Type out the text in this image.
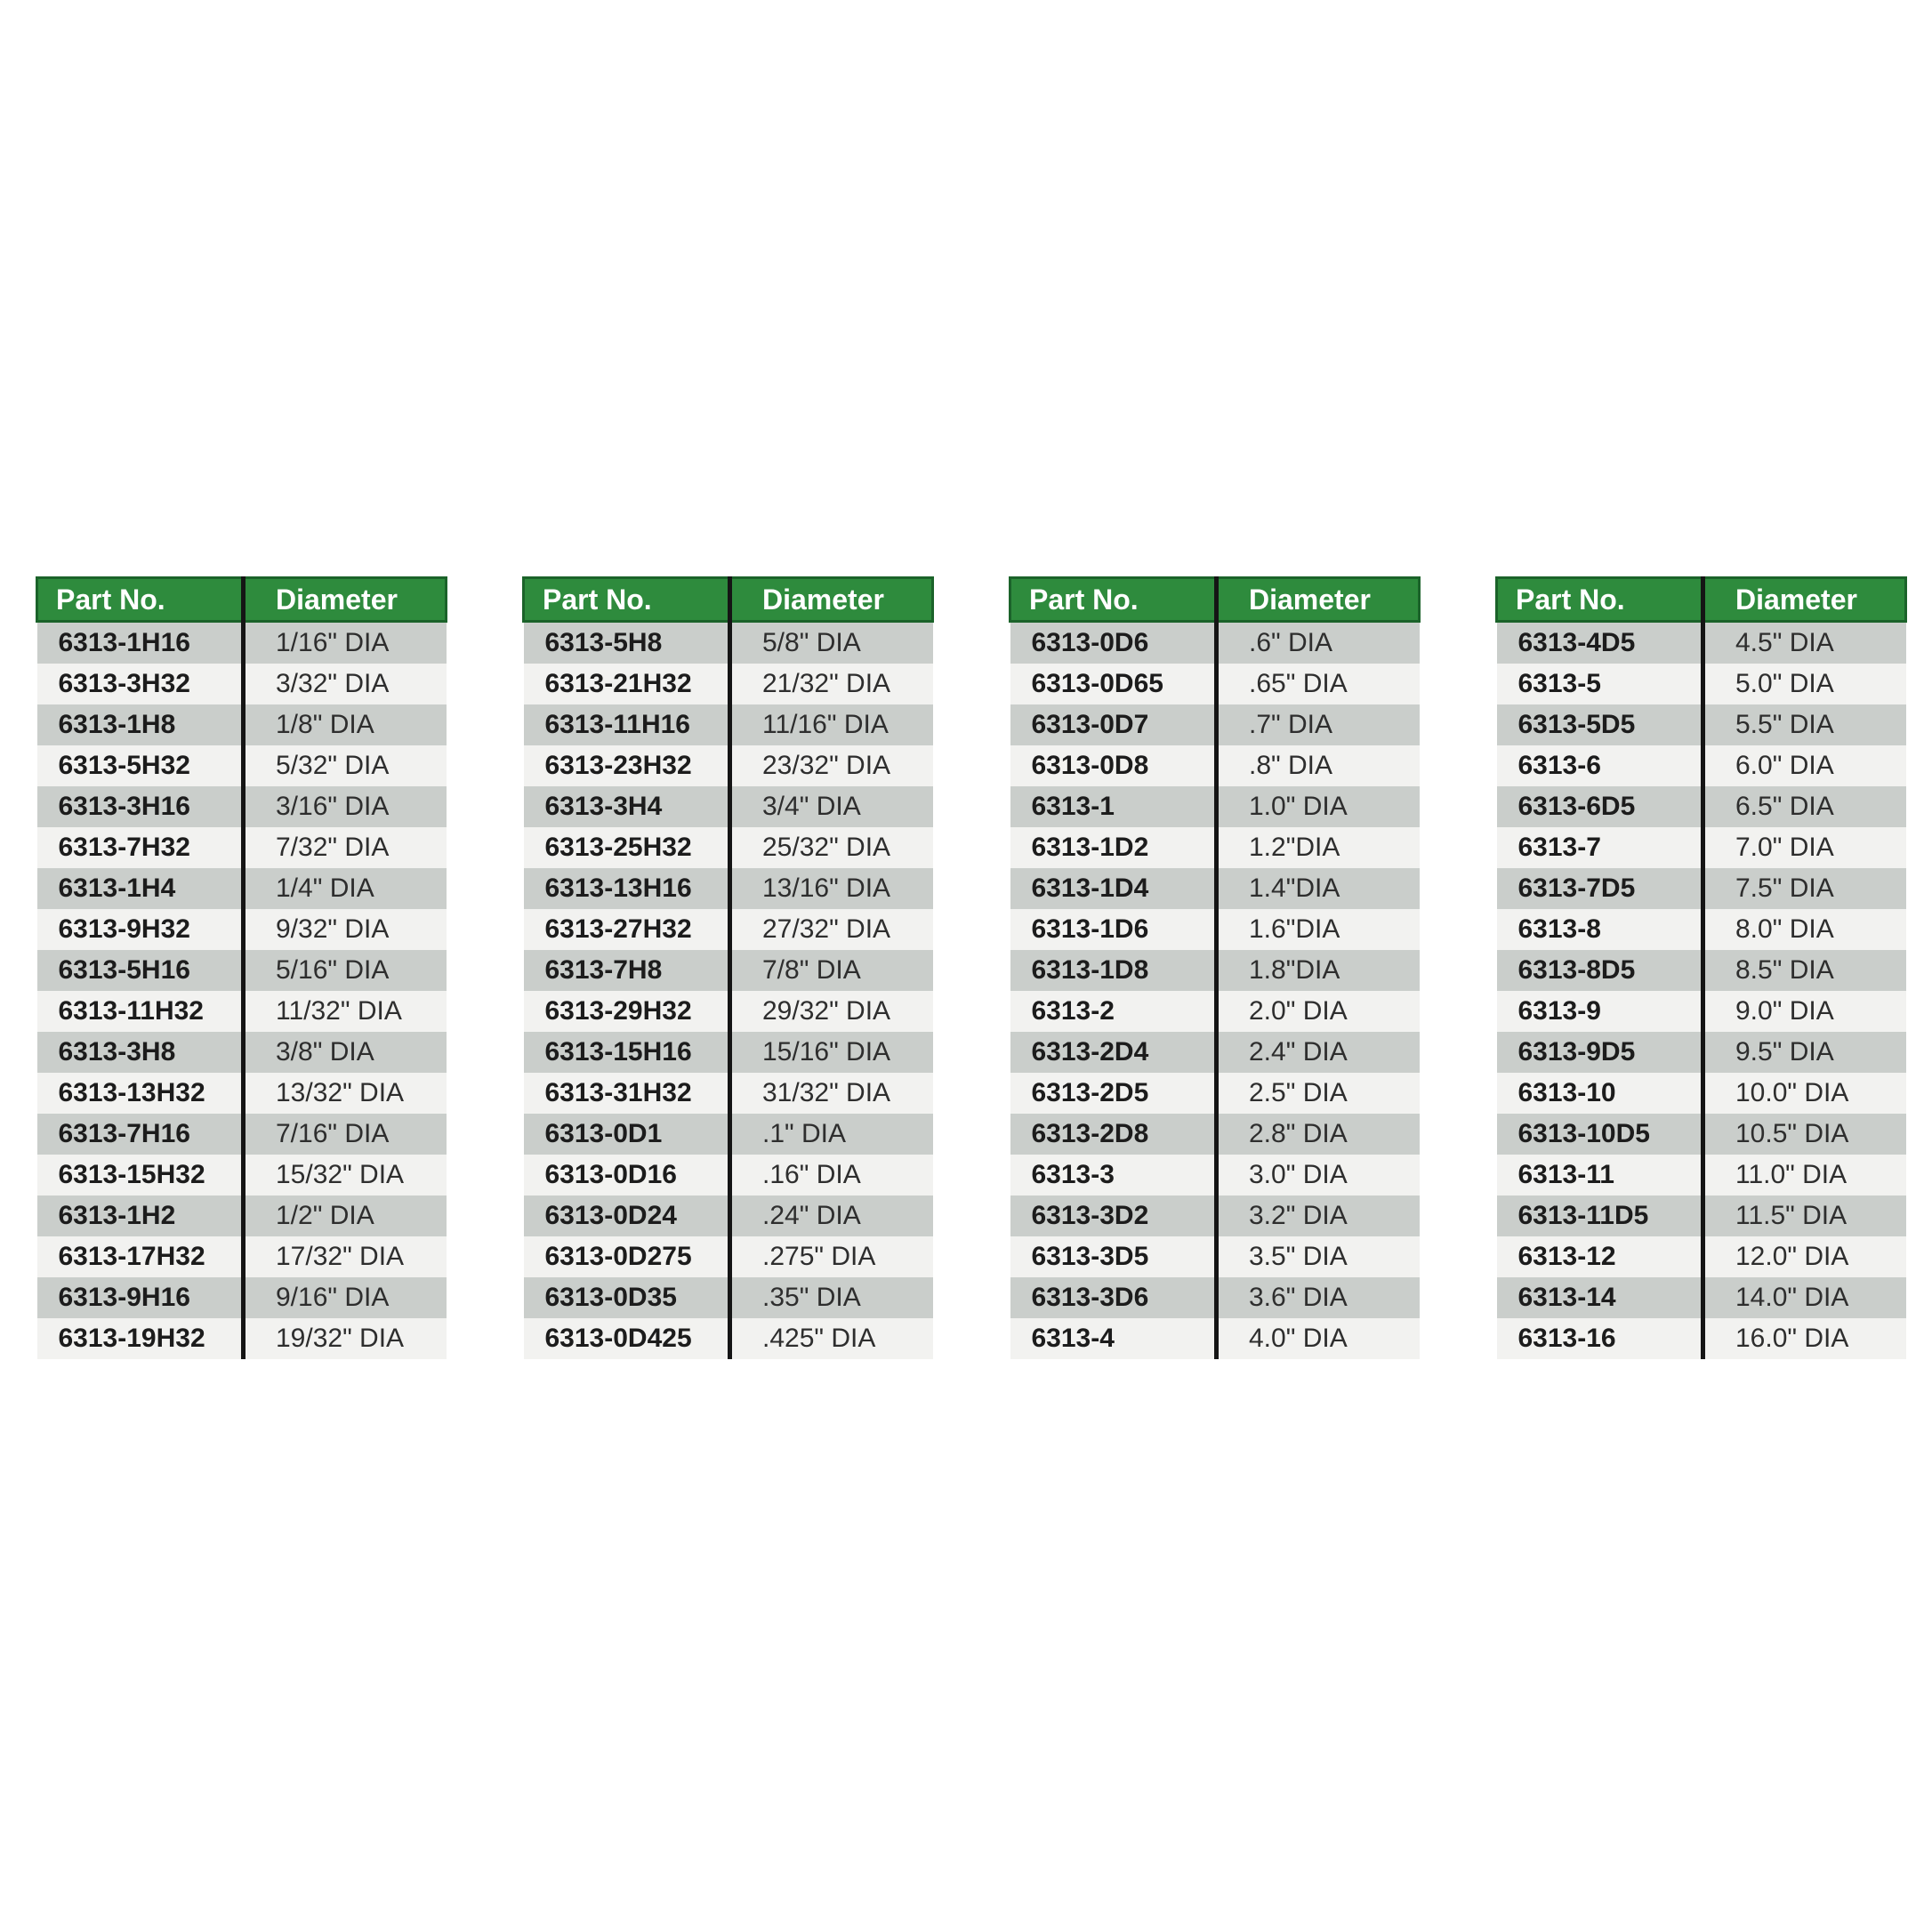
Part No.	Diameter
6313-1H16	1/16" DIA
6313-3H32	3/32" DIA
6313-1H8	1/8" DIA
6313-5H32	5/32" DIA
6313-3H16	3/16" DIA
6313-7H32	7/32" DIA
6313-1H4	1/4" DIA
6313-9H32	9/32" DIA
6313-5H16	5/16" DIA
6313-11H32	11/32" DIA
6313-3H8	3/8" DIA
6313-13H32	13/32" DIA
6313-7H16	7/16" DIA
6313-15H32	15/32" DIA
6313-1H2	1/2" DIA
6313-17H32	17/32" DIA
6313-9H16	9/16" DIA
6313-19H32	19/32" DIA
Part No.	Diameter
6313-5H8	5/8" DIA
6313-21H32	21/32" DIA
6313-11H16	11/16" DIA
6313-23H32	23/32" DIA
6313-3H4	3/4" DIA
6313-25H32	25/32" DIA
6313-13H16	13/16" DIA
6313-27H32	27/32" DIA
6313-7H8	7/8" DIA
6313-29H32	29/32" DIA
6313-15H16	15/16" DIA
6313-31H32	31/32" DIA
6313-0D1	.1" DIA
6313-0D16	.16" DIA
6313-0D24	.24" DIA
6313-0D275	.275" DIA
6313-0D35	.35" DIA
6313-0D425	.425" DIA
Part No.	Diameter
6313-0D6	.6" DIA
6313-0D65	.65" DIA
6313-0D7	.7" DIA
6313-0D8	.8" DIA
6313-1	1.0" DIA
6313-1D2	1.2"DIA
6313-1D4	1.4"DIA
6313-1D6	1.6"DIA
6313-1D8	1.8"DIA
6313-2	2.0" DIA
6313-2D4	2.4" DIA
6313-2D5	2.5" DIA
6313-2D8	2.8" DIA
6313-3	3.0" DIA
6313-3D2	3.2" DIA
6313-3D5	3.5" DIA
6313-3D6	3.6" DIA
6313-4	4.0" DIA
Part No.	Diameter
6313-4D5	4.5" DIA
6313-5	5.0" DIA
6313-5D5	5.5" DIA
6313-6	6.0" DIA
6313-6D5	6.5" DIA
6313-7	7.0" DIA
6313-7D5	7.5" DIA
6313-8	8.0" DIA
6313-8D5	8.5" DIA
6313-9	9.0" DIA
6313-9D5	9.5" DIA
6313-10	10.0" DIA
6313-10D5	10.5" DIA
6313-11	11.0" DIA
6313-11D5	11.5" DIA
6313-12	12.0" DIA
6313-14	14.0" DIA
6313-16	16.0" DIA
